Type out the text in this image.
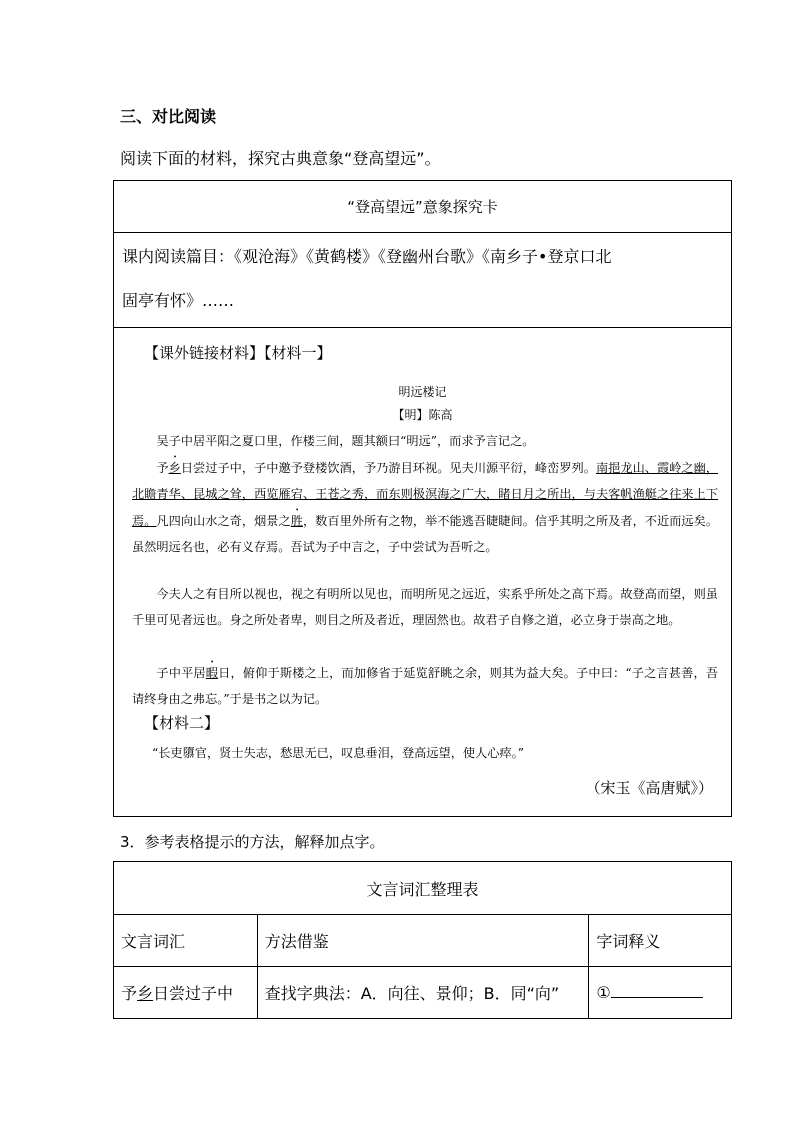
三、对比阅读
阅读下面的材料，探究古典意象“登高望远”。
“登高望远”意象探究卡

课内阅读篇目：《观沧海》《黄鹤楼》《登幽州台歌》《南乡子•登京口北

固亭有怀》……

【课外链接材料】【材料一】
明远楼记
【明】陈高
吴子中居平阳之夏口里，作楼三间，题其额曰“明远”，而求予言记之。
予乡日尝过子中，子中邀予登楼饮酒，予乃游目环视。见夫川源平衍，峰峦罗列。南挹龙山、霞岭之幽，北瞻青华、昆城之耸，西览雁宕、王苍之秀，而东则极溟海之广大，睹日月之所出，与夫客帆渔艇之往来上下焉。凡四向山水之奇，烟景之胜，数百里外所有之物，举不能逃吾睫睫间。信乎其明之所及者，不近而远矣。虽然明远名也，必有义存焉。吾试为子中言之，子中尝试为吾听之。
今夫人之有目所以视也，视之有明所以见也，而明所见之远近，实系乎所处之高下焉。故登高而望，则虽千里可见者远也。身之所处者卑，则目之所及者近，理固然也。故君子自修之道，必立身于崇高之地。
子中平居暇日，俯仰于斯楼之上，而加修省于延览舒眺之余，则其为益大矣。子中曰：“子之言甚善，吾请终身由之弗忘。”于是书之以为记。
【材料二】
“长吏隳官，贤士失志，愁思无已，叹息垂泪，登高远望，使人心瘁。”
（宋玉《高唐赋》）
3．参考表格提示的方法，解释加点字。
文言词汇整理表		
文言词汇	方法借鉴	字词释义
予乡日尝过子中	查找字典法：A．向往、景仰；B．同“向”	①
